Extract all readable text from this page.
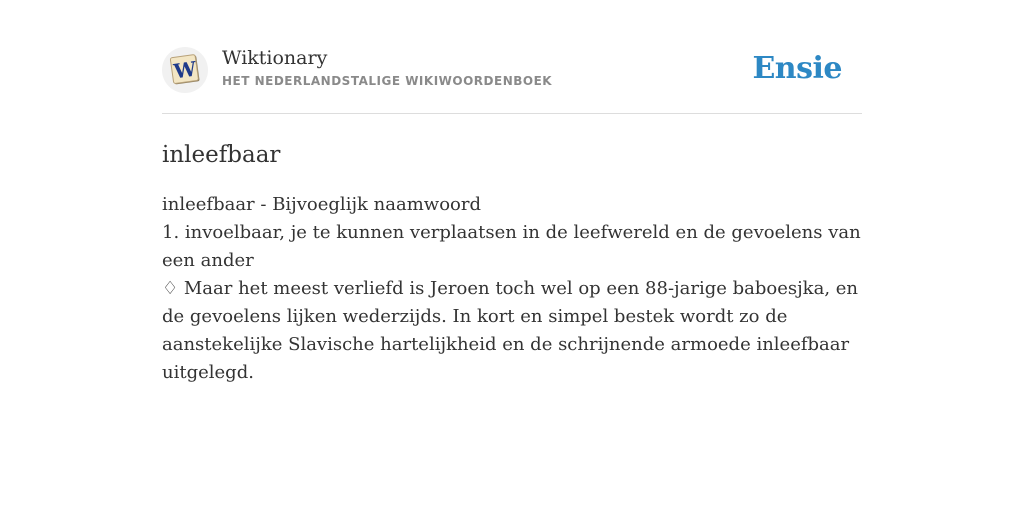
W Wiktionary
HET NEDERLANDSTALIGE WIKIWOORDENBOEK	Ensie
inleefbaar
inleefbaar - Bijvoeglijk naamwoord
1. invoelbaar, je te kunnen verplaatsen in de leefwereld en de gevoelens van een ander
♢ Maar het meest verliefd is Jeroen toch wel op een 88-jarige baboesjka, en de gevoelens lijken wederzijds. In kort en simpel bestek wordt zo de aanstekelijke Slavische hartelijkheid en de schrijnende armoede inleefbaar uitgelegd.
